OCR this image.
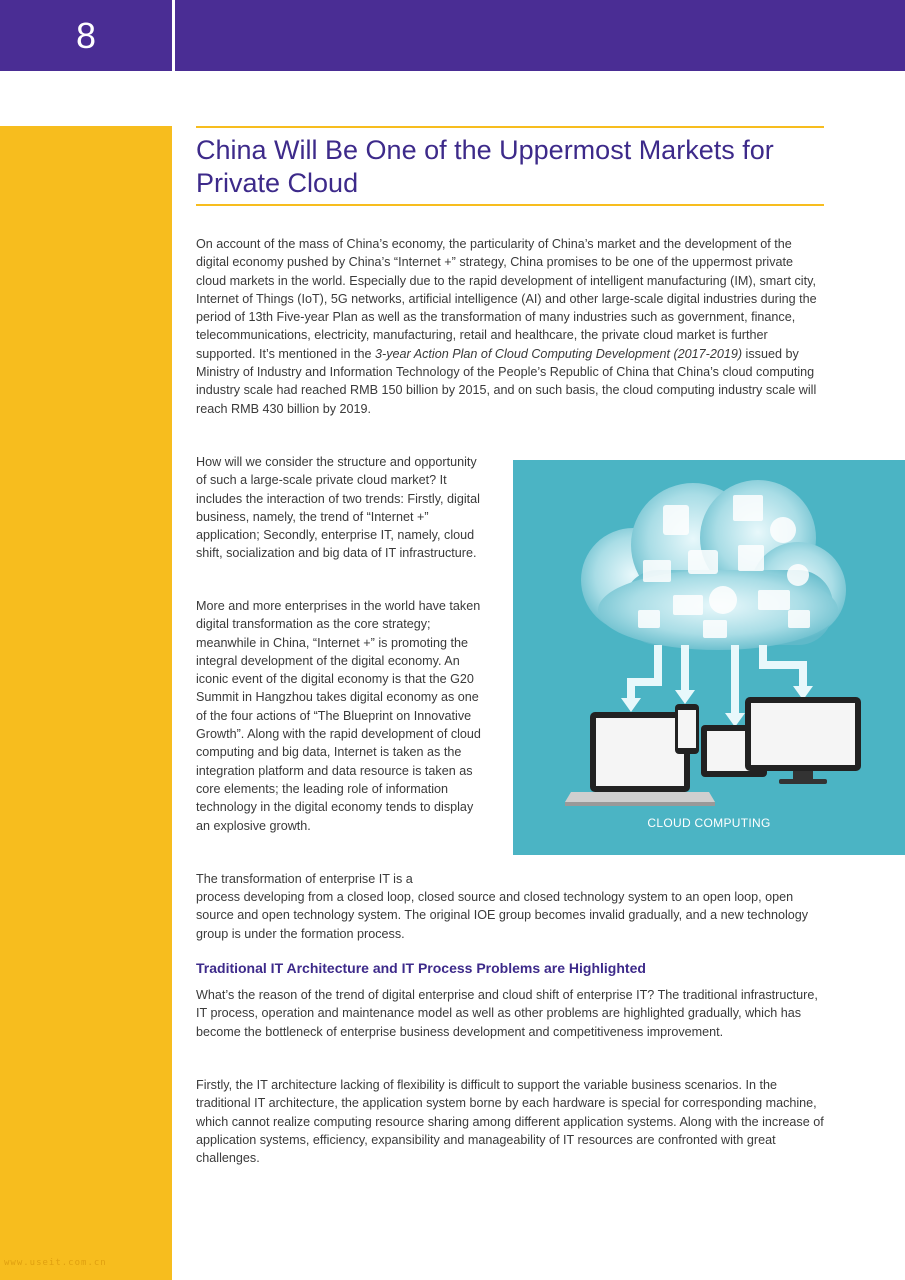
8
www.useit.com.cn
China Will Be One of the Uppermost Markets for Private Cloud

On account of the mass of China’s economy, the particularity of China’s market and the development of the digital economy pushed by China’s “Internet +” strategy, China promises to be one of the uppermost private cloud markets in the world. Especially due to the rapid development of intelligent manufacturing (IM), smart city, Internet of Things (IoT), 5G networks, artificial intelligence (AI) and other large-scale digital industries during the period of 13th Five-year Plan as well as the transformation of many industries such as government, finance, telecommunications, electricity, manufacturing, retail and healthcare, the private cloud market is further supported. It’s mentioned in the 3-year Action Plan of Cloud Computing Development (2017-2019) issued by Ministry of Industry and Information Technology of the People’s Republic of China that China’s cloud computing industry scale had reached RMB 150 billion by 2015, and on such basis, the cloud computing industry scale will reach RMB 430 billion by 2019.

How will we consider the structure and opportunity of such a large-scale private cloud market? It includes the interaction of two trends: Firstly, digital business, namely, the trend of “Internet +” application; Secondly, enterprise IT, namely, cloud shift, socialization and big data of IT infrastructure.

More and more enterprises in the world have taken digital transformation as the core strategy; meanwhile in China, “Internet +” is promoting the integral development of the digital economy. An iconic event of the digital economy is that the G20 Summit in Hangzhou takes digital economy as one of the four actions of “The Blueprint on Innovative Growth”. Along with the rapid development of cloud computing and big data, Internet is taken as the integration platform and data resource is taken as core elements; the leading role of information technology in the digital economy tends to display an explosive growth.

The transformation of enterprise IT is a

process developing from a closed loop, closed source and closed technology system to an open loop, open source and open technology system. The original IOE group becomes invalid gradually, and a new technology group is under the formation process.

Traditional IT Architecture and IT Process Problems are Highlighted

What’s the reason of the trend of digital enterprise and cloud shift of enterprise IT? The traditional infrastructure, IT process, operation and maintenance model as well as other problems are highlighted gradually, which has become the bottleneck of enterprise business development and competitiveness improvement.

Firstly, the IT architecture lacking of flexibility is difficult to support the variable business scenarios. In the traditional IT architecture, the application system borne by each hardware is special for corresponding machine, which cannot realize computing resource sharing among different application systems. Along with the increase of application systems, efficiency, expansibility and manageability of IT resources are confronted with great challenges.

CLOUD COMPUTING
